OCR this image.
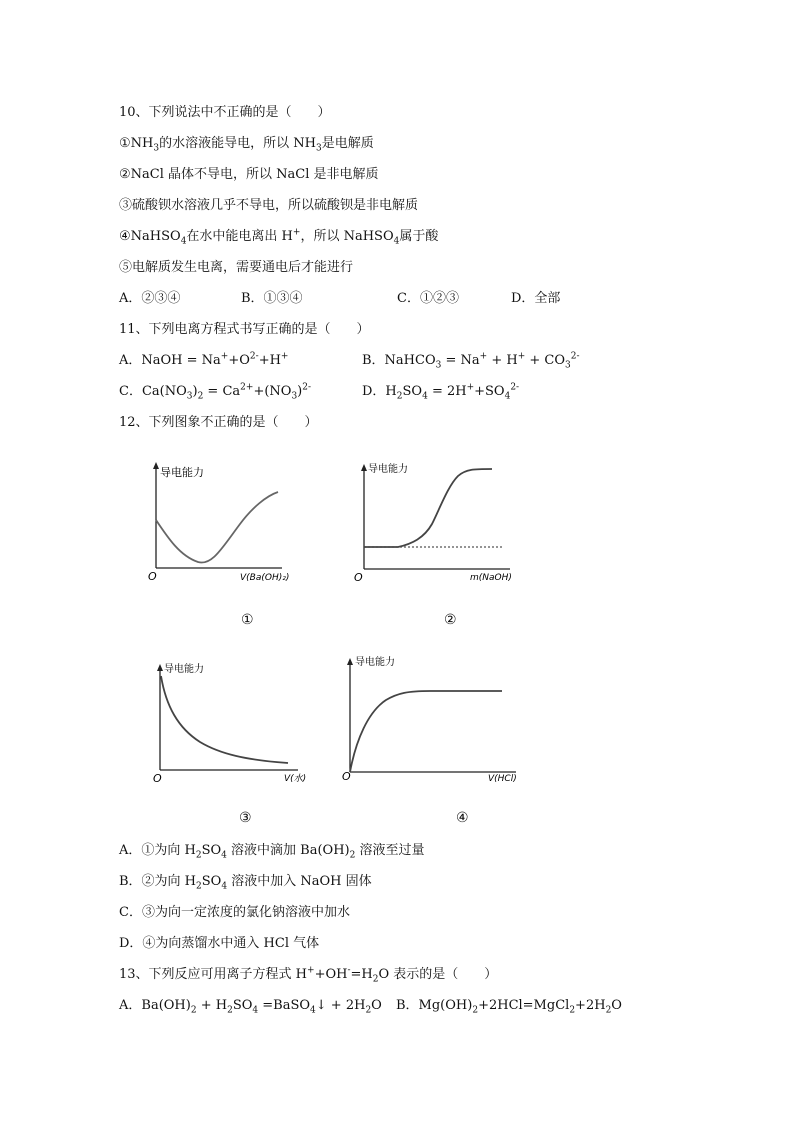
10、下列说法中不正确的是（　　）
$①NH_3$的水溶液能导电，所以 $NH_3$是电解质
②NaCl 晶体不导电，所以 NaCl 是非电解质
③硫酸钡水溶液几乎不导电，所以硫酸钡是非电解质
④NaHSO$_4$在水中能电离出 H+，所以 NaHSO$_4$属于酸
⑤电解质发生电离，需要通电后才能进行
A．②③④	B．①③④	C．①②③	D．全部
11、下列电离方程式书写正确的是（　　）
A．NaOH = $Na^++O^{2-}+H^+$	B．NaHCO$_3$ = $Na^+ + H^+ + CO_3^{2-}$
C．$Ca(NO_3)_2 = Ca^{2+}+(NO_3)^{2-}$	D．$H_2SO_4 = 2H^++SO_4^{2-}$
12、下列图象不正确的是（　　）
导电能力
O	V(Ba(OH)₂)
①
导电能力
O	m(NaOH)
②
导电能力
O	V(水)
③
导电能力
O	V(HCl)
④
A．①为向 $H_2SO_4$ 溶液中滴加 $Ba(OH)_2$ 溶液至过量
B．②为向 $H_2SO_4$ 溶液中加入 NaOH 固体
C．③为向一定浓度的氯化钠溶液中加水
D．④为向蒸馏水中通入 HCl 气体
13、下列反应可用离子方程式 $H^++OH^-=H_2O$ 表示的是（　　）
A．$Ba(OH)_2 + H_2SO_4$ =BaSO$_4$↓ + $2H_2O$ B．$Mg(OH)_2+2HCl=MgCl_2+2H_2O$
